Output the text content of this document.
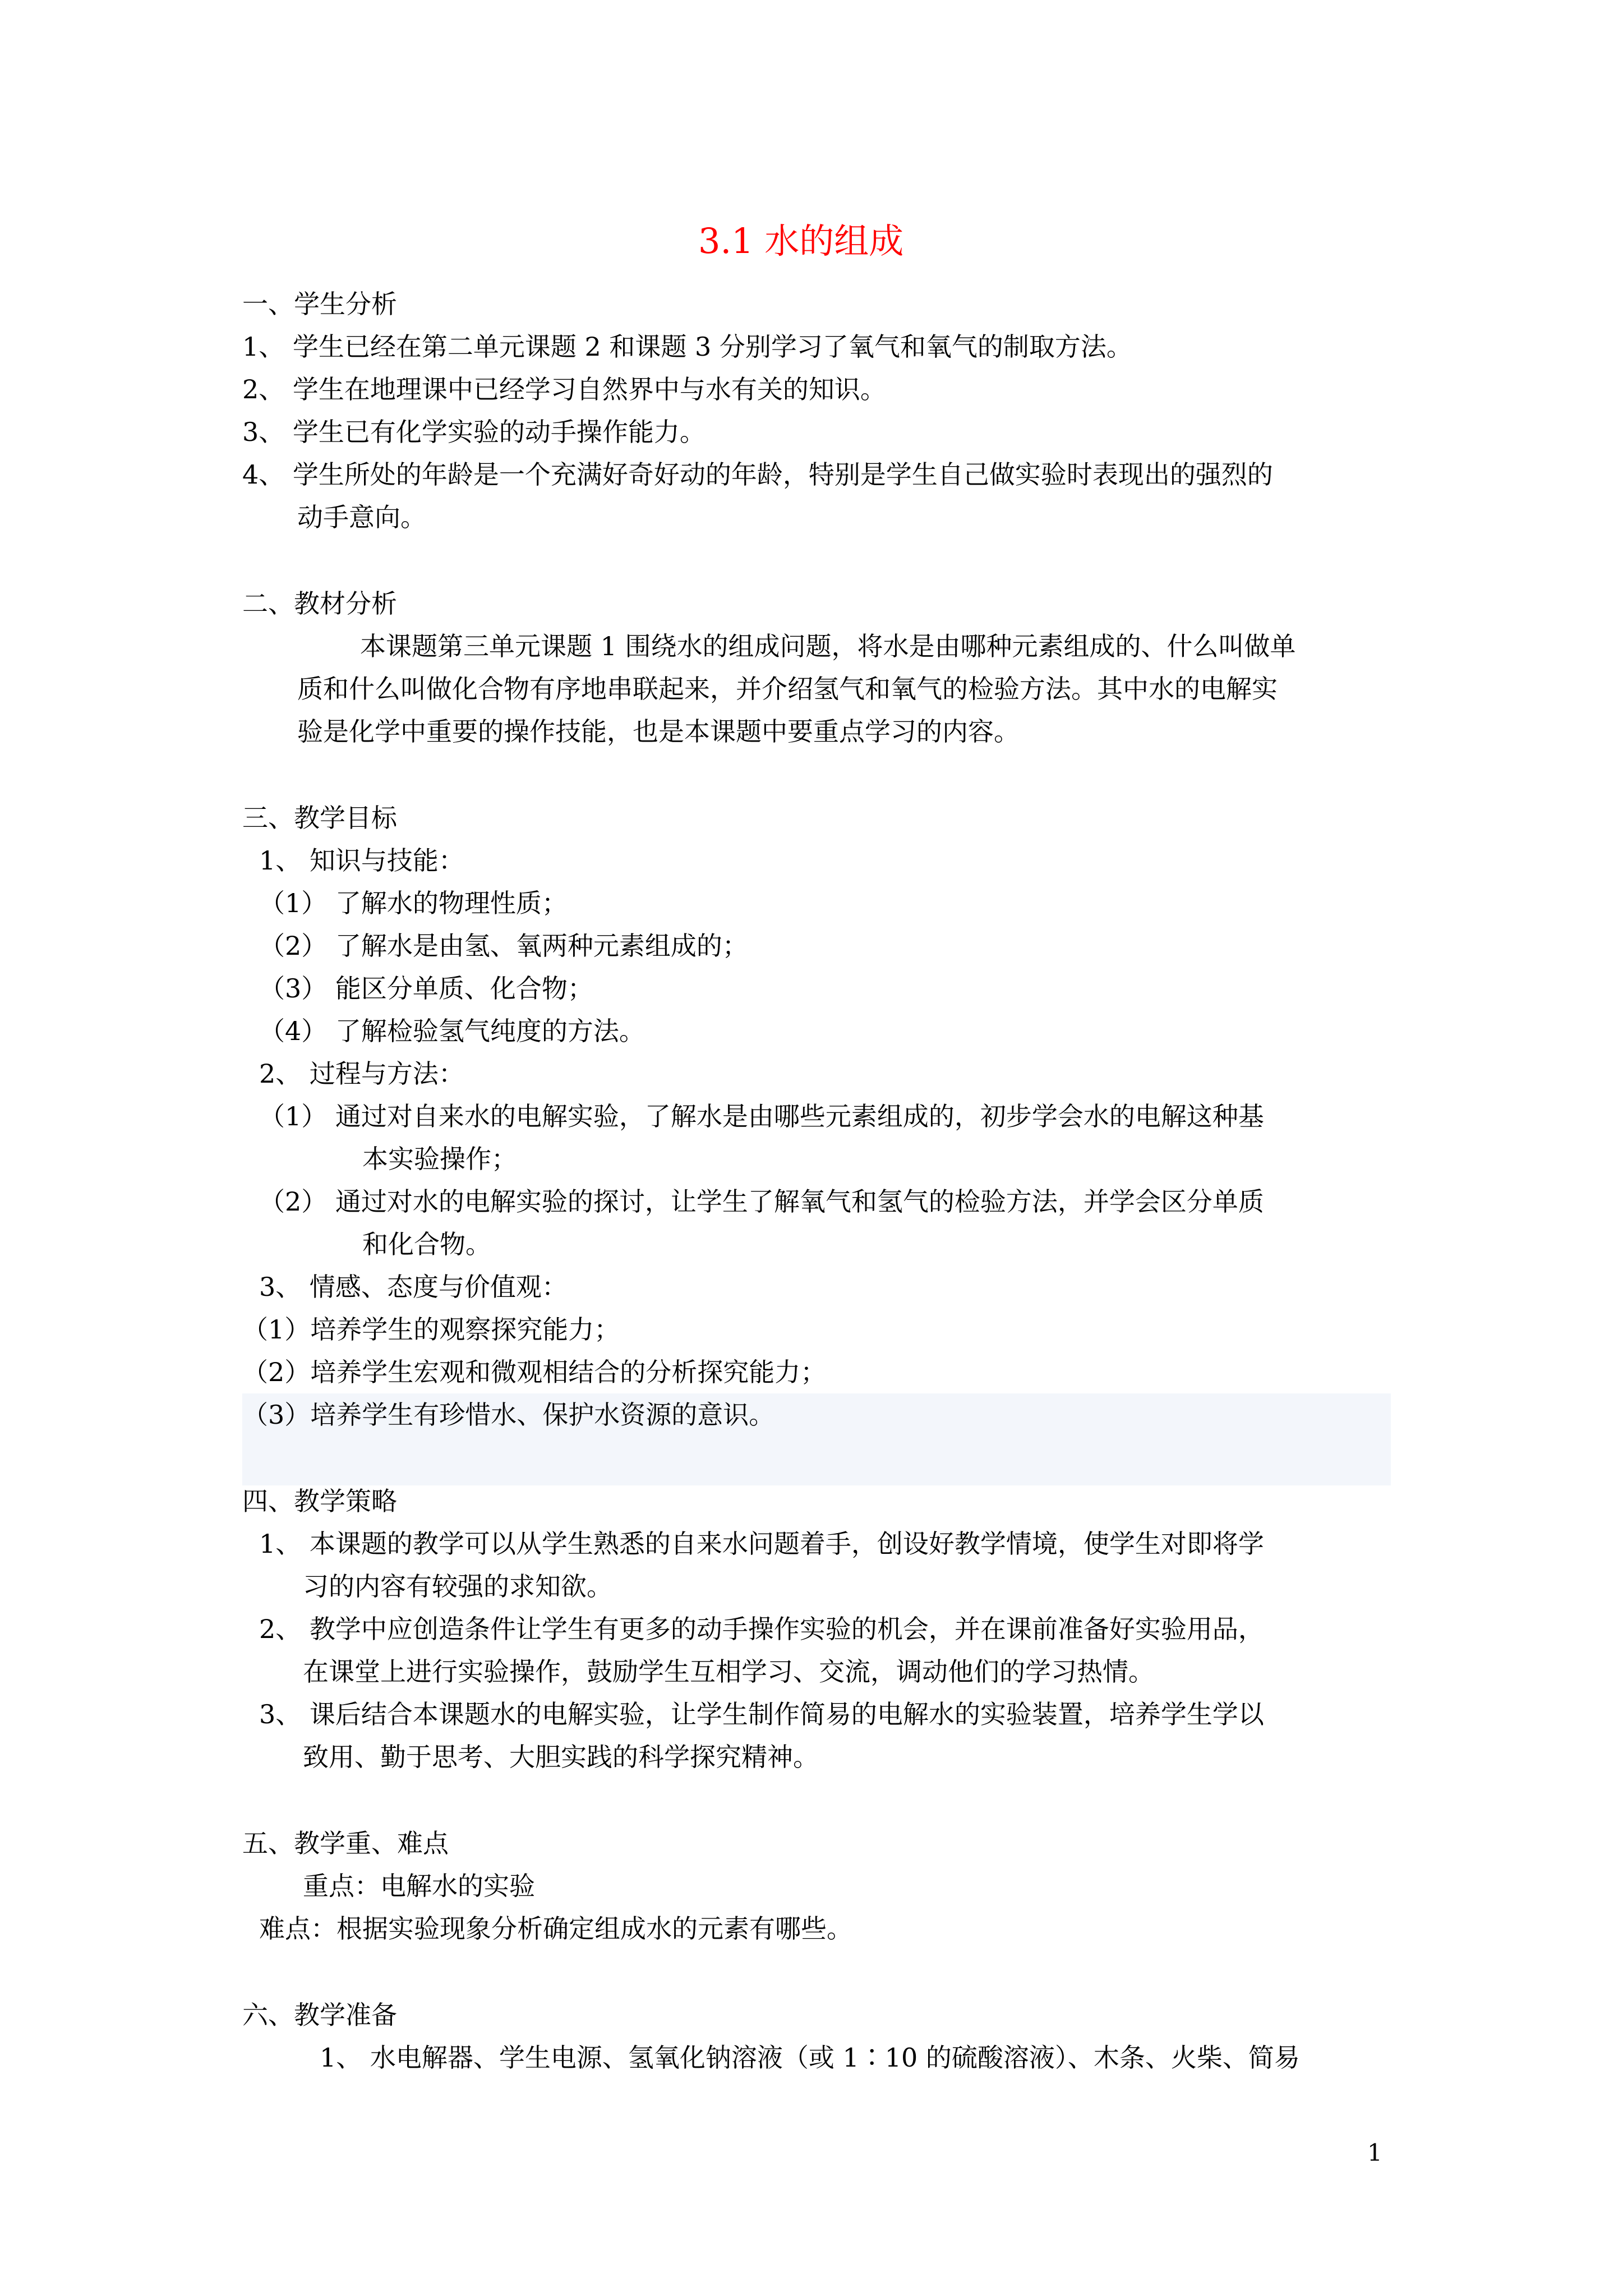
3.1 水的组成
一、学生分析
1、 学生已经在第二单元课题 2 和课题 3 分别学习了氧气和氧气的制取方法。
2、 学生在地理课中已经学习自然界中与水有关的知识。
3、 学生已有化学实验的动手操作能力。
4、 学生所处的年龄是一个充满好奇好动的年龄，特别是学生自己做实验时表现出的强烈的
动手意向。
二、教材分析
本课题第三单元课题 1 围绕水的组成问题，将水是由哪种元素组成的、什么叫做单
质和什么叫做化合物有序地串联起来，并介绍氢气和氧气的检验方法。其中水的电解实
验是化学中重要的操作技能，也是本课题中要重点学习的内容。
三、教学目标
1、 知识与技能：
（1） 了解水的物理性质；
（2） 了解水是由氢、氧两种元素组成的；
（3） 能区分单质、化合物；
（4） 了解检验氢气纯度的方法。
2、 过程与方法：
（1） 通过对自来水的电解实验，了解水是由哪些元素组成的，初步学会水的电解这种基
本实验操作；
（2） 通过对水的电解实验的探讨，让学生了解氧气和氢气的检验方法，并学会区分单质
和化合物。
3、 情感、态度与价值观：
（1）培养学生的观察探究能力；
（2）培养学生宏观和微观相结合的分析探究能力；
（3）培养学生有珍惜水、保护水资源的意识。
四、教学策略
1、 本课题的教学可以从学生熟悉的自来水问题着手，创设好教学情境，使学生对即将学
习的内容有较强的求知欲。
2、 教学中应创造条件让学生有更多的动手操作实验的机会，并在课前准备好实验用品，
在课堂上进行实验操作，鼓励学生互相学习、交流，调动他们的学习热情。
3、 课后结合本课题水的电解实验，让学生制作简易的电解水的实验装置，培养学生学以
致用、勤于思考、大胆实践的科学探究精神。
五、教学重、难点
重点：电解水的实验
难点：根据实验现象分析确定组成水的元素有哪些。
六、教学准备
1、 水电解器、学生电源、氢氧化钠溶液（或 1∶10 的硫酸溶液）、木条、火柴、简易
1
